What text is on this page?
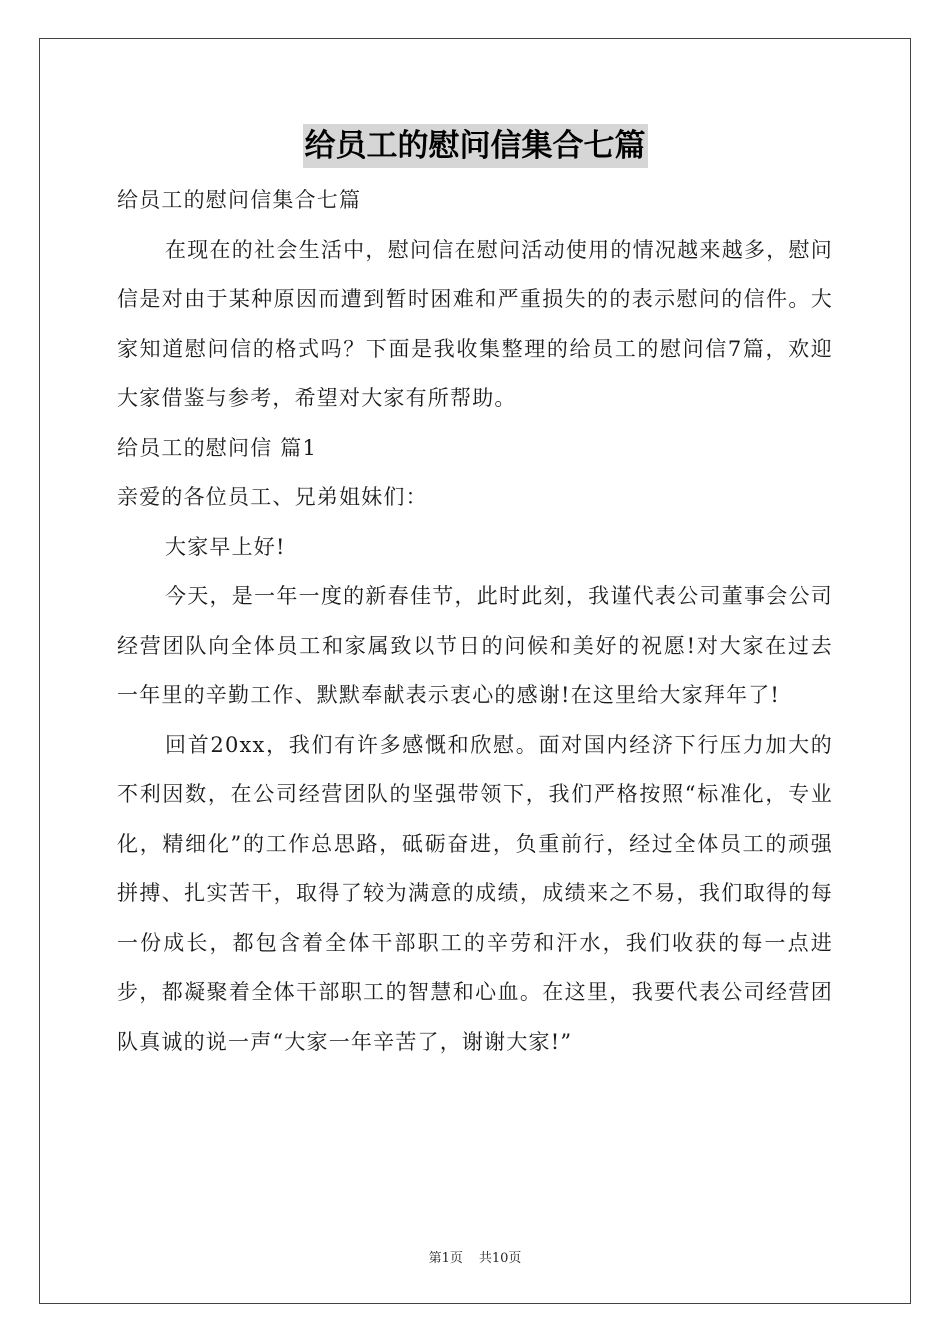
给员工的慰问信集合七篇

给员工的慰问信集合七篇

在现在的社会生活中，慰问信在慰问活动使用的情况越来越多，慰问信是对由于某种原因而遭到暂时困难和严重损失的的表示慰问的信件。大家知道慰问信的格式吗？下面是我收集整理的给员工的慰问信7篇，欢迎大家借鉴与参考，希望对大家有所帮助。

给员工的慰问信 篇1

亲爱的各位员工、兄弟姐妹们：

大家早上好!

今天，是一年一度的新春佳节，此时此刻，我谨代表公司董事会公司经营团队向全体员工和家属致以节日的问候和美好的祝愿!对大家在过去一年里的辛勤工作、默默奉献表示衷心的感谢!在这里给大家拜年了!

回首20xx，我们有许多感慨和欣慰。面对国内经济下行压力加大的不利因数，在公司经营团队的坚强带领下，我们严格按照“标准化，专业化，精细化”的工作总思路，砥砺奋进，负重前行，经过全体员工的顽强拼搏、扎实苦干，取得了较为满意的成绩，成绩来之不易，我们取得的每一份成长，都包含着全体干部职工的辛劳和汗水，我们收获的每一点进步，都凝聚着全体干部职工的智慧和心血。在这里，我要代表公司经营团队真诚的说一声“大家一年辛苦了，谢谢大家!”

第1页 共10页
